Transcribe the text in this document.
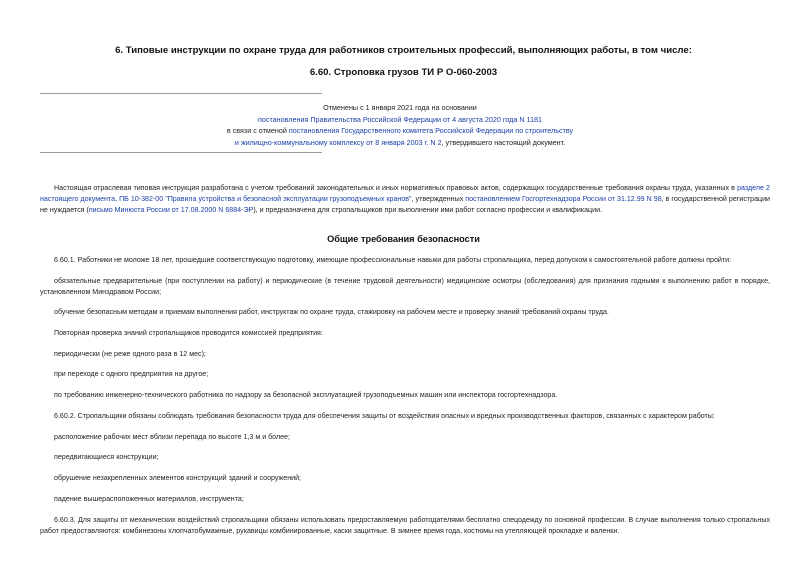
6. Типовые инструкции по охране труда для работников строительных профессий, выполняющих работы, в том числе:
6.60. Строповка грузов ТИ Р О-060-2003
Отменены с 1 января 2021 года на основании
постановления Правительства Российской Федерации от 4 августа 2020 года N 1181
в связи с отменой постановления Государственного комитета Российской Федерации по строительству
и жилищно-коммунальному комплексу от 8 января 2003 г. N 2, утвердившего настоящий документ.
Настоящая отраслевая типовая инструкция разработана с учетом требований законодательных и иных нормативных правовых актов, содержащих государственные требования охраны труда, указанных в разделе 2 настоящего документа, ПБ 10-382-00 "Правила устройства и безопасной эксплуатации грузоподъемных кранов", утвержденных постановлением Госгортехнадзора России от 31.12.99 N 98, в государственной регистрации не нуждается (письмо Минюста России от 17.08.2000 N 6884-ЭР), и предназначена для стропальщиков при выполнении ими работ согласно профессии и квалификации.
Общие требования безопасности
6.60.1. Работники не моложе 18 лет, прошедшие соответствующую подготовку, имеющие профессиональные навыки для работы стропальщика, перед допуском к самостоятельной работе должны пройти:
обязательные предварительные (при поступлении на работу) и периодические (в течение трудовой деятельности) медицинские осмотры (обследования) для признания годными к выполнению работ в порядке, установленном Минздравом России;
обучение безопасным методам и приемам выполнения работ, инструктаж по охране труда, стажировку на рабочем месте и проверку знаний требований охраны труда.
Повторная проверка знаний стропальщиков проводится комиссией предприятия:
периодически (не реже одного раза в 12 мес);
при переходе с одного предприятия на другое;
по требованию инженерно-технического работника по надзору за безопасной эксплуатацией грузоподъемных машин или инспектора госгортехнадзора.
6.60.2. Стропальщики обязаны соблюдать требования безопасности труда для обеспечения защиты от воздействия опасных и вредных производственных факторов, связанных с характером работы:
расположение рабочих мест вблизи перепада по высоте 1,3 м и более;
передвигающиеся конструкции;
обрушение незакрепленных элементов конструкций зданий и сооружений;
падение вышерасположенных материалов, инструмента;
6.60.3. Для защиты от механических воздействий стропальщики обязаны использовать предоставляемую работодателями бесплатно спецодежду по основной профессии. В случае выполнения только стропальных работ предоставляются: комбинезоны хлопчатобумажные, рукавицы комбинированные, каски защитные. В зимнее время года, костюмы на утепляющей прокладке и валенки.
